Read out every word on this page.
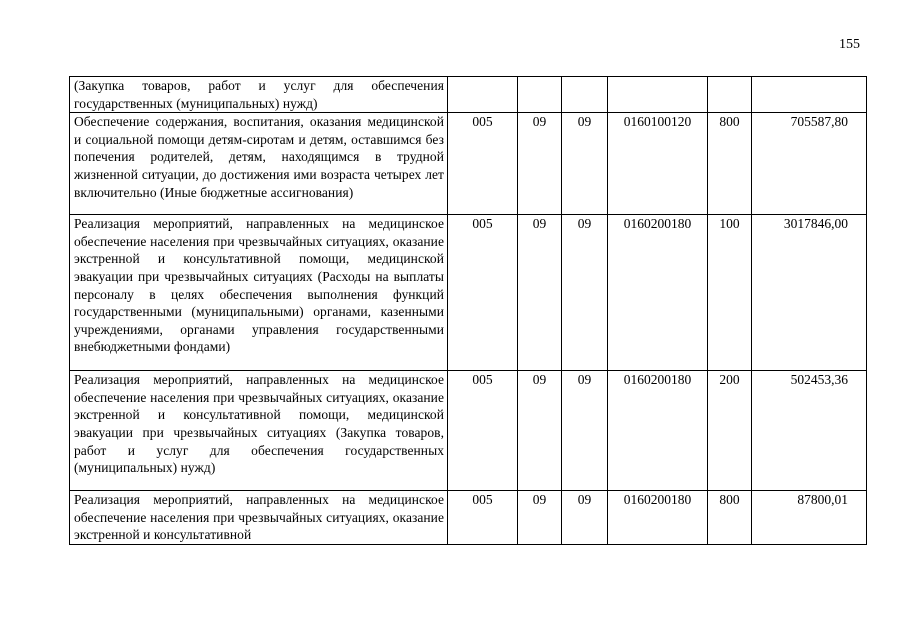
155
(Закупка товаров, работ и услуг для обеспечения государственных (муниципальных) нужд)						

Обеспечение содержания, воспитания, оказания медицинской и социальной помощи детям-сиротам и детям, оставшимся без попечения родителей, детям, находящимся в трудной жизненной ситуации, до достижения ими возраста четырех лет включительно (Иные бюджетные ассигнования)	005	09	09	0160100120	800	705587,80

Реализация мероприятий, направленных на медицинское обеспечение населения при чрезвычайных ситуациях, оказание экстренной и консультативной помощи, медицинской эвакуации при чрезвычайных ситуациях (Расходы на выплаты персоналу в целях обеспечения выполнения функций государственными (муниципальными) органами, казенными учреждениями, органами управления государственными внебюджетными фондами)	005	09	09	0160200180	100	3017846,00

Реализация мероприятий, направленных на медицинское обеспечение населения при чрезвычайных ситуациях, оказание экстренной и консультативной помощи, медицинской эвакуации при чрезвычайных ситуациях (Закупка товаров, работ и услуг для обеспечения государственных (муниципальных) нужд)	005	09	09	0160200180	200	502453,36

Реализация мероприятий, направленных на медицинское обеспечение населения при чрезвычайных ситуациях, оказание экстренной и консультативной	005	09	09	0160200180	800	87800,01
